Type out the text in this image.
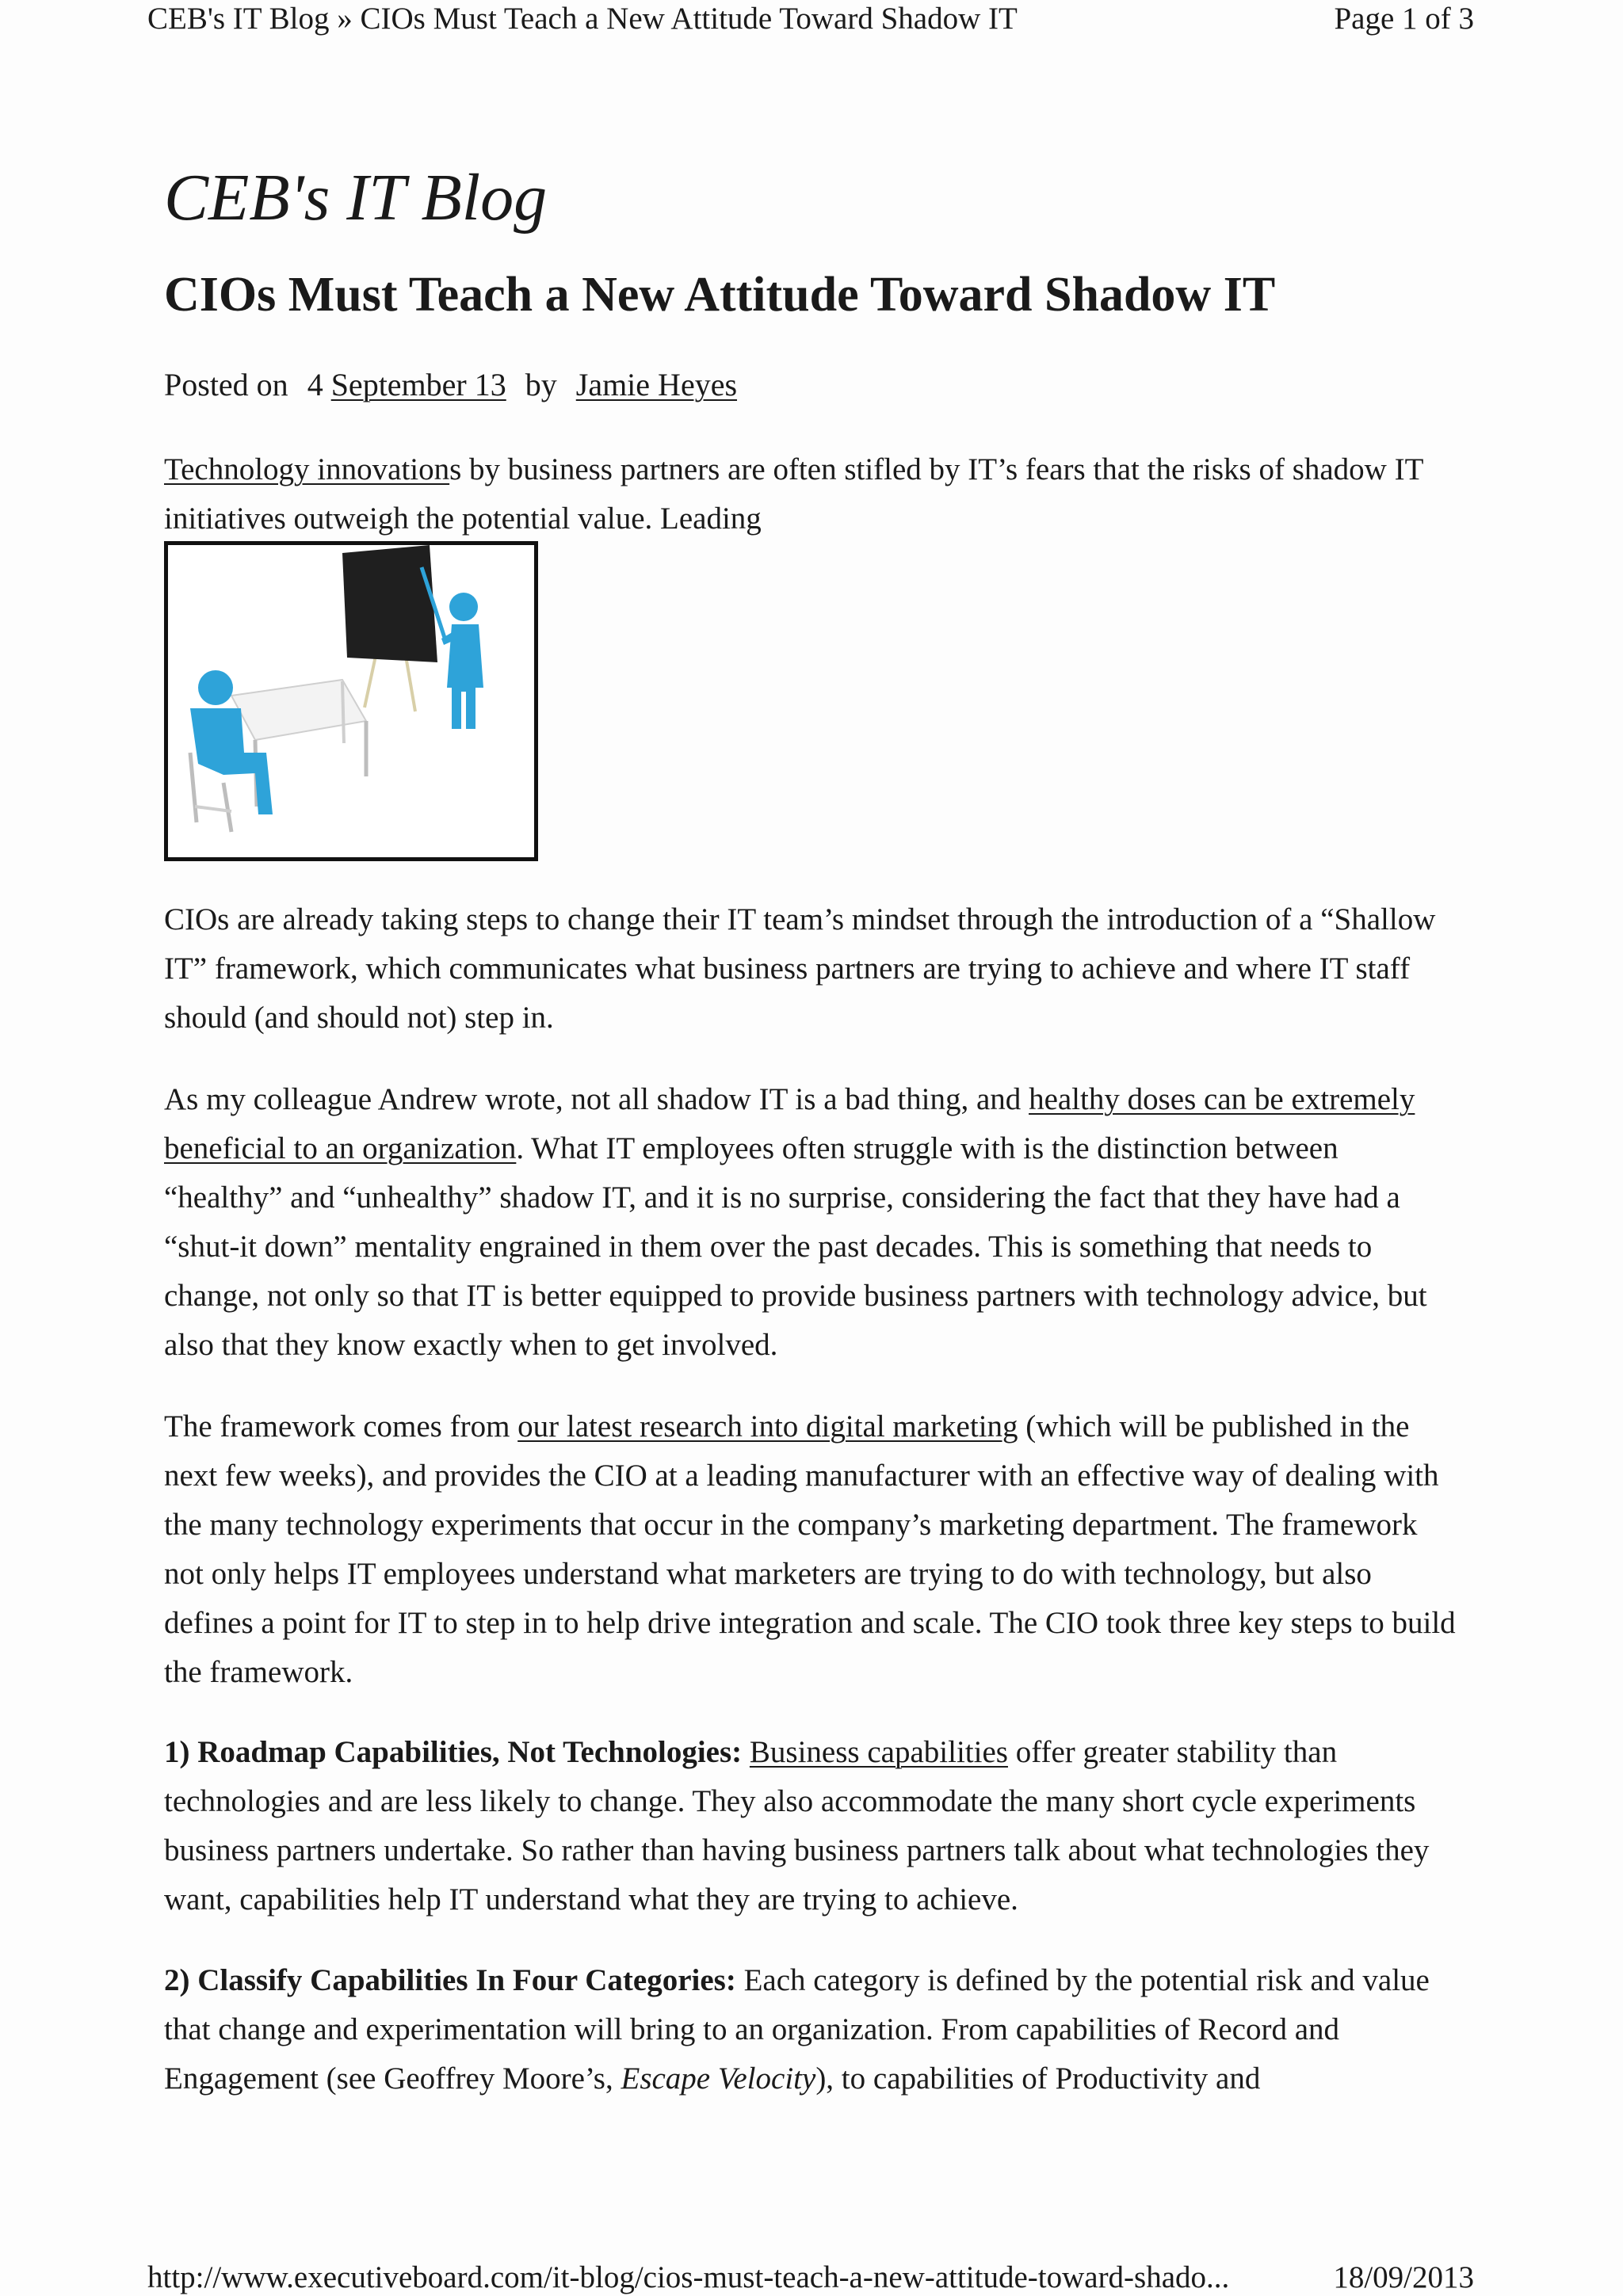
CEB's IT Blog » CIOs Must Teach a New Attitude Toward Shadow IT	Page 1 of 3
CEB's IT Blog
CIOs Must Teach a New Attitude Toward Shadow IT
Posted on 4 September 13 by Jamie Heyes

Technology innovations by business partners are often stifled by IT’s fears that the risks of shadow IT initiatives outweigh the potential value. Leading

CIOs are already taking steps to change their IT team’s mindset through the introduction of a “Shallow IT” framework, which communicates what business partners are trying to achieve and where IT staff should (and should not) step in.

As my colleague Andrew wrote, not all shadow IT is a bad thing, and healthy doses can be extremely beneficial to an organization. What IT employees often struggle with is the distinction between “healthy” and “unhealthy” shadow IT, and it is no surprise, considering the fact that they have had a “shut-it down” mentality engrained in them over the past decades. This is something that needs to change, not only so that IT is better equipped to provide business partners with technology advice, but also that they know exactly when to get involved.

The framework comes from our latest research into digital marketing (which will be published in the next few weeks), and provides the CIO at a leading manufacturer with an effective way of dealing with the many technology experiments that occur in the company’s marketing department. The framework not only helps IT employees understand what marketers are trying to do with technology, but also defines a point for IT to step in to help drive integration and scale. The CIO took three key steps to build the framework.

1) Roadmap Capabilities, Not Technologies: Business capabilities offer greater stability than technologies and are less likely to change. They also accommodate the many short cycle experiments business partners undertake. So rather than having business partners talk about what technologies they want, capabilities help IT understand what they are trying to achieve.

2) Classify Capabilities In Four Categories: Each category is defined by the potential risk and value that change and experimentation will bring to an organization. From capabilities of Record and Engagement (see Geoffrey Moore’s, Escape Velocity), to capabilities of Productivity and

http://www.executiveboard.com/it-blog/cios-must-teach-a-new-attitude-toward-shado...	18/09/2013
